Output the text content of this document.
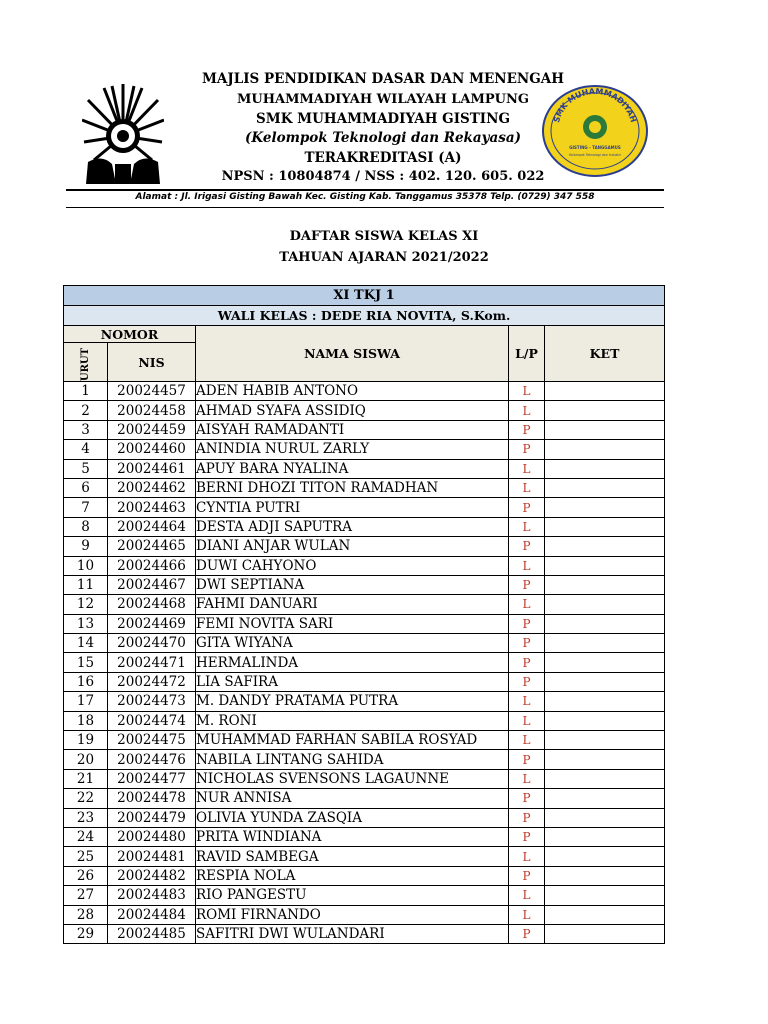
MAJLIS PENDIDIKAN DASAR DAN MENENGAH
MUHAMMADIYAH WILAYAH LAMPUNG
SMK MUHAMMADIYAH GISTING
(Kelompok Teknologi dan Rekayasa)
TERAKREDITASI (A)
NPSN : 10804874 / NSS : 402. 120. 605. 022
SMK MUHAMMADIYAH
GISTING - TANGGAMUS
Kelompok Teknologi dan Industri
Alamat : Jl. Irigasi Gisting Bawah Kec. Gisting Kab. Tanggamus 35378 Telp. (0729) 347 558
DAFTAR SISWA KELAS XI
TAHUAN AJARAN 2021/2022
XI TKJ 1				
WALI KELAS : DEDE RIA NOVITA, S.Kom.				
NOMOR		NAMA SISWA	L/P	KET
URUT	NIS			
1	20024457	ADEN HABIB ANTONO	L	
2	20024458	AHMAD SYAFA ASSIDIQ	L	
3	20024459	AISYAH RAMADANTI	P	
4	20024460	ANINDIA NURUL ZARLY	P	
5	20024461	APUY BARA NYALINA	L	
6	20024462	BERNI DHOZI TITON RAMADHAN	L	
7	20024463	CYNTIA PUTRI	P	
8	20024464	DESTA ADJI SAPUTRA	L	
9	20024465	DIANI ANJAR WULAN	P	
10	20024466	DUWI CAHYONO	L	
11	20024467	DWI SEPTIANA	P	
12	20024468	FAHMI DANUARI	L	
13	20024469	FEMI NOVITA SARI	P	
14	20024470	GITA WIYANA	P	
15	20024471	HERMALINDA	P	
16	20024472	LIA SAFIRA	P	
17	20024473	M. DANDY PRATAMA PUTRA	L	
18	20024474	M. RONI	L	
19	20024475	MUHAMMAD FARHAN SABILA ROSYAD	L	
20	20024476	NABILA LINTANG SAHIDA	P	
21	20024477	NICHOLAS SVENSONS LAGAUNNE	L	
22	20024478	NUR ANNISA	P	
23	20024479	OLIVIA YUNDA ZASQIA	P	
24	20024480	PRITA WINDIANA	P	
25	20024481	RAVID SAMBEGA	L	
26	20024482	RESPIA NOLA	P	
27	20024483	RIO PANGESTU	L	
28	20024484	ROMI FIRNANDO	L	
29	20024485	SAFITRI DWI WULANDARI	P	
